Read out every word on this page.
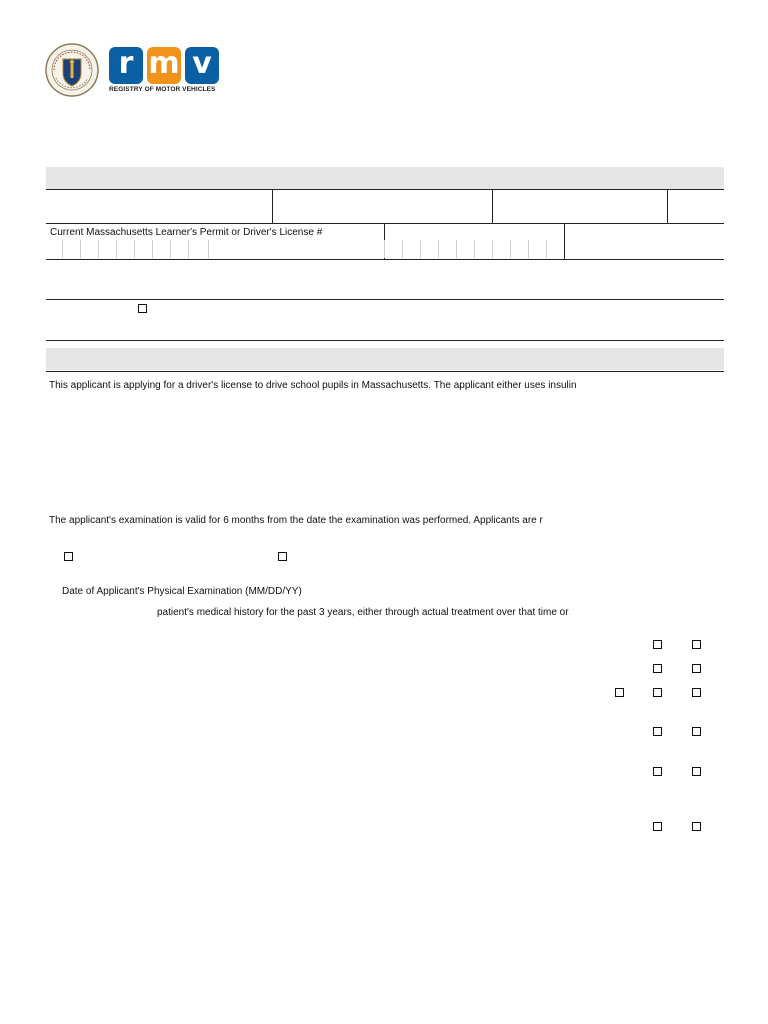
r m v
REGISTRY OF MOTOR VEHICLES
Current Massachusetts Learner's Permit or Driver's License #
This applicant is applying for a driver's license to drive school pupils in Massachusetts. The applicant either uses insulin
The applicant's examination is valid for 6 months from the date the examination was performed. Applicants are r
Date of Applicant's Physical Examination (MM/DD/YY)
patient's medical history for the past 3 years, either through actual treatment over that time or
